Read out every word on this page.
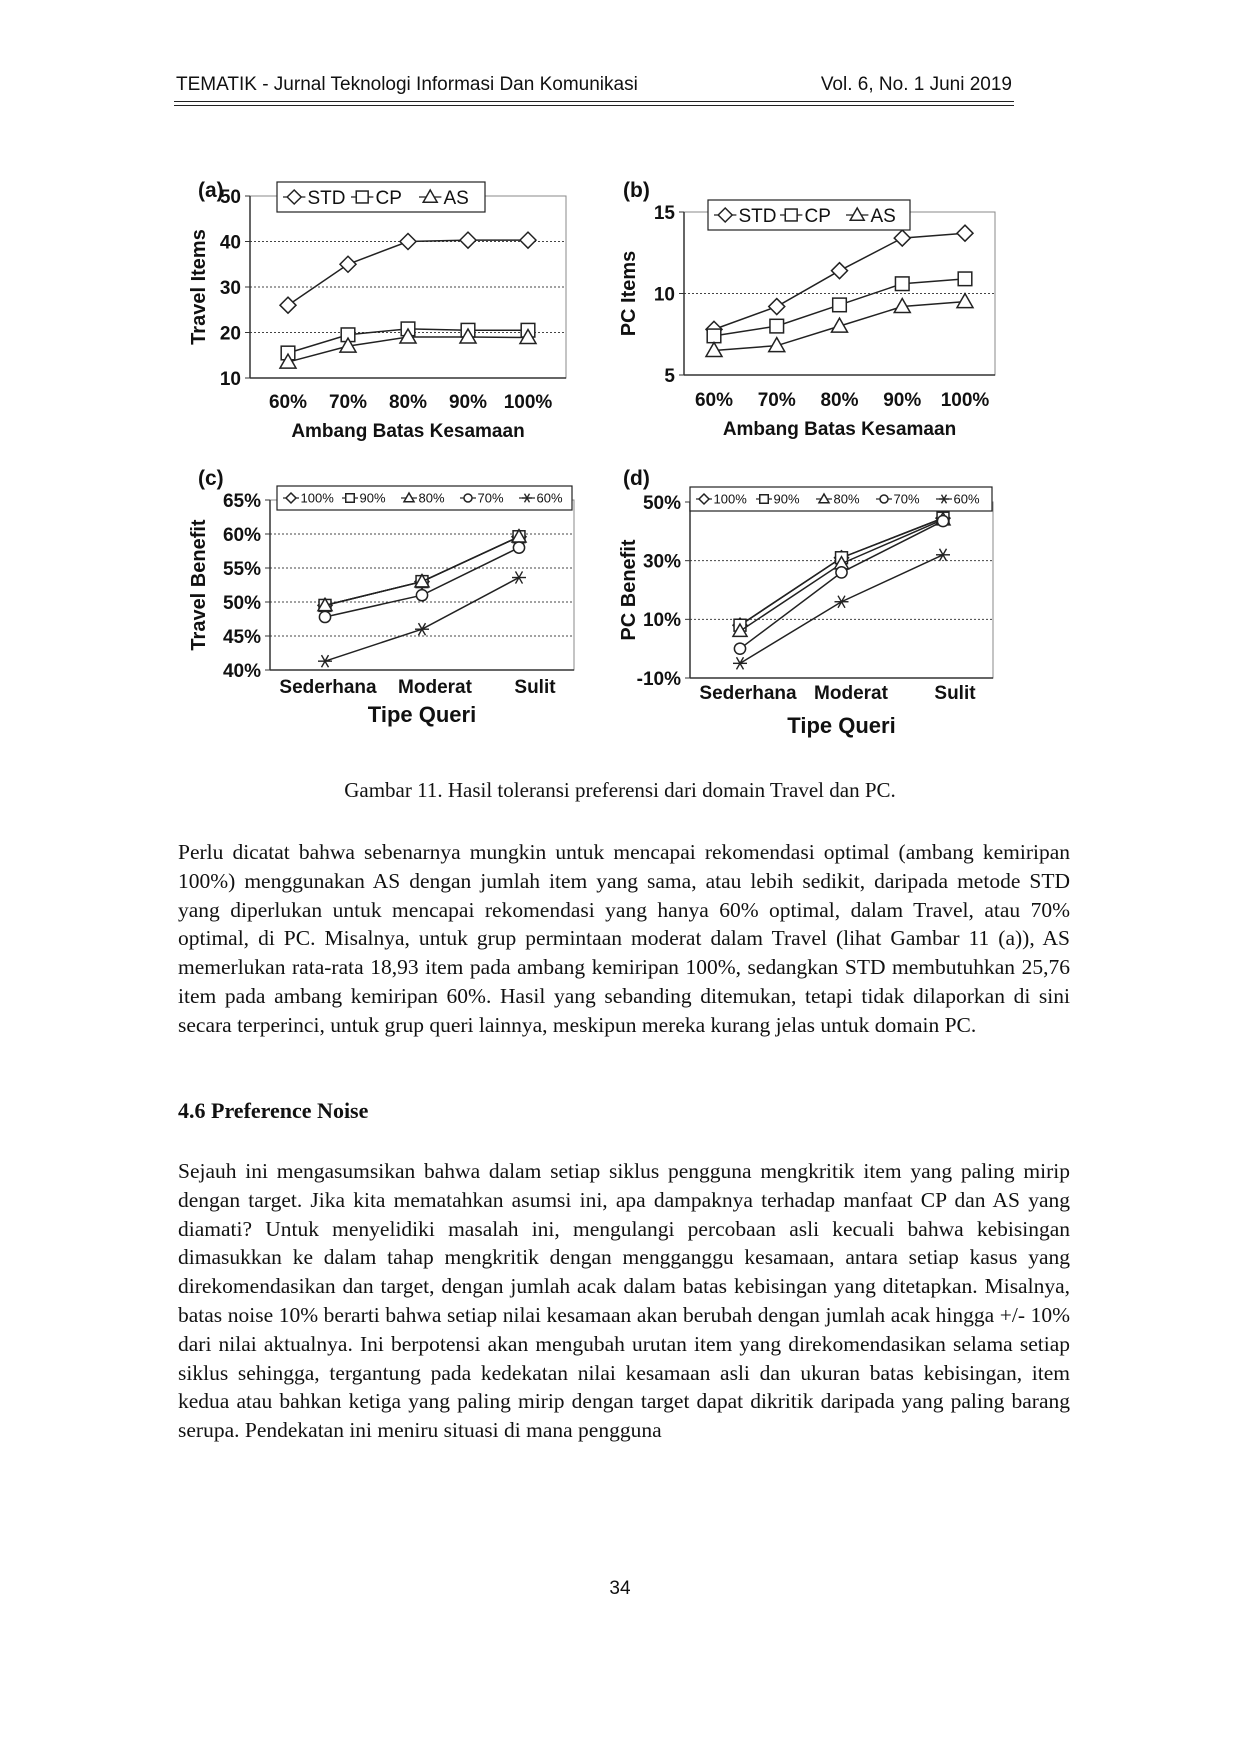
TEMATIK - Jurnal Teknologi Informasi Dan Komunikasi	Vol. 6, No. 1 Juni 2019
10
20
30
40
50
Travel Items
60% 70% 80% 90% 100%
Ambang Batas Kesamaan
(a)	STD CP AS
5
10
15
PC Items
60% 70% 80% 90% 100%
Ambang Batas Kesamaan
(b)
STD CP AS
40%
45%
50%
55%
60%
65%
Travel Benefit
Sederhana Moderat Sulit
Tipe Queri
(c)
100% 90%	80%	70%	60%
-10%
10%
30%
50%
PC Benefit
Sederhana Moderat Sulit
Tipe Queri
(d)
100% 90%	80%	70%	60%
Gambar 11. Hasil toleransi preferensi dari domain Travel dan PC.

Perlu dicatat bahwa sebenarnya mungkin untuk mencapai rekomendasi optimal (ambang kemiripan 100%) menggunakan AS dengan jumlah item yang sama, atau lebih sedikit, daripada metode STD yang diperlukan untuk mencapai rekomendasi yang hanya 60% optimal, dalam Travel, atau 70% optimal, di PC. Misalnya, untuk grup permintaan moderat dalam Travel (lihat Gambar 11 (a)), AS memerlukan rata-rata 18,93 item pada ambang kemiripan 100%, sedangkan STD membutuhkan 25,76 item pada ambang kemiripan 60%. Hasil yang sebanding ditemukan, tetapi tidak dilaporkan di sini secara terperinci, untuk grup queri lainnya, meskipun mereka kurang jelas untuk domain PC.

4.6 Preference Noise

Sejauh ini mengasumsikan bahwa dalam setiap siklus pengguna mengkritik item yang paling mirip dengan target. Jika kita mematahkan asumsi ini, apa dampaknya terhadap manfaat CP dan AS yang diamati? Untuk menyelidiki masalah ini, mengulangi percobaan asli kecuali bahwa kebisingan dimasukkan ke dalam tahap mengkritik dengan mengganggu kesamaan, antara setiap kasus yang direkomendasikan dan target, dengan jumlah acak dalam batas kebisingan yang ditetapkan. Misalnya, batas noise 10% berarti bahwa setiap nilai kesamaan akan berubah dengan jumlah acak hingga +/- 10% dari nilai aktualnya. Ini berpotensi akan mengubah urutan item yang direkomendasikan selama setiap siklus sehingga, tergantung pada kedekatan nilai kesamaan asli dan ukuran batas kebisingan, item kedua atau bahkan ketiga yang paling mirip dengan target dapat dikritik daripada yang paling barang serupa. Pendekatan ini meniru situasi di mana pengguna

34
